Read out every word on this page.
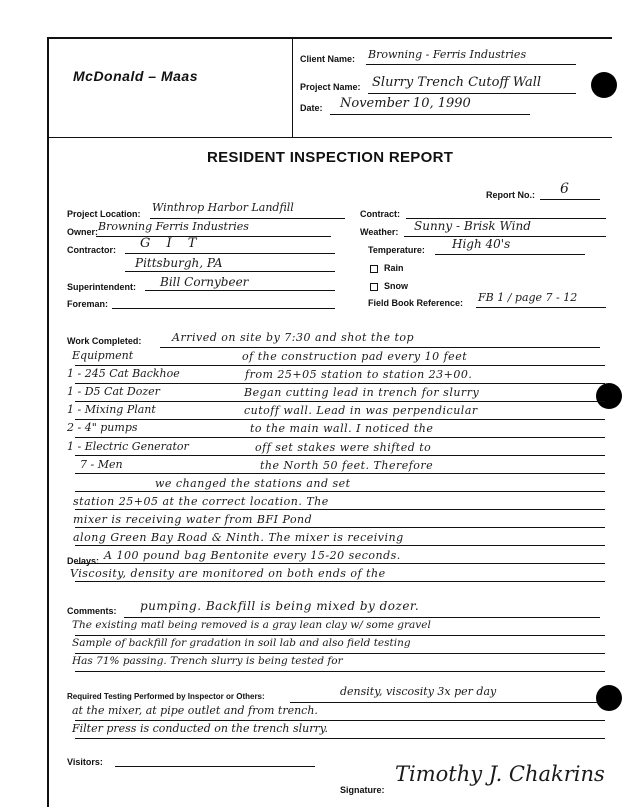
McDonald – Maas
Client Name: Browning - Ferris Industries
Project Name: Slurry Trench Cutoff Wall
Date: November 10, 1990
RESIDENT INSPECTION REPORT
Report No.: 6
Project Location: Winthrop Harbor Landfill
Owner: Browning Ferris Industries
Contractor: G I T
Pittsburgh, PA
Superintendent: Bill Cornybeer
Foreman:
Contract:
Weather: Sunny - Brisk Wind
Temperature: High 40's
Rain
Snow
Field Book Reference: FB 1 / page 7 - 12
Work Completed:
Equipment
1 - 245 Cat Backhoe
1 - D5 Cat Dozer
1 - Mixing Plant
2 - 4" pumps
1 - Electric Generator
7 - Men
Arrived on site by 7:30 and shot the top
of the construction pad every 10 feet
from 25+05 station to station 23+00.
Began cutting lead in trench for slurry
cutoff wall. Lead in was perpendicular
to the main wall. I noticed the
off set stakes were shifted to
the North 50 feet. Therefore
we changed the stations and set
station 25+05 at the correct location. The
mixer is receiving water from BFI Pond
along Green Bay Road & Ninth. The mixer is receiving
Delays: A 100 pound bag Bentonite every 15-20 seconds.
Viscosity, density are monitored on both ends of the
Comments: pumping. Backfill is being mixed by dozer.
The existing matl being removed is a gray lean clay w/ some gravel
Sample of backfill for gradation in soil lab and also field testing
Has 71% passing. Trench slurry is being tested for
Required Testing Performed by Inspector or Others:	density, viscosity 3x per day
at the mixer, at pipe outlet and from trench.
Filter press is conducted on the trench slurry.
Visitors:
Signature:
Timothy J. Chakrins
